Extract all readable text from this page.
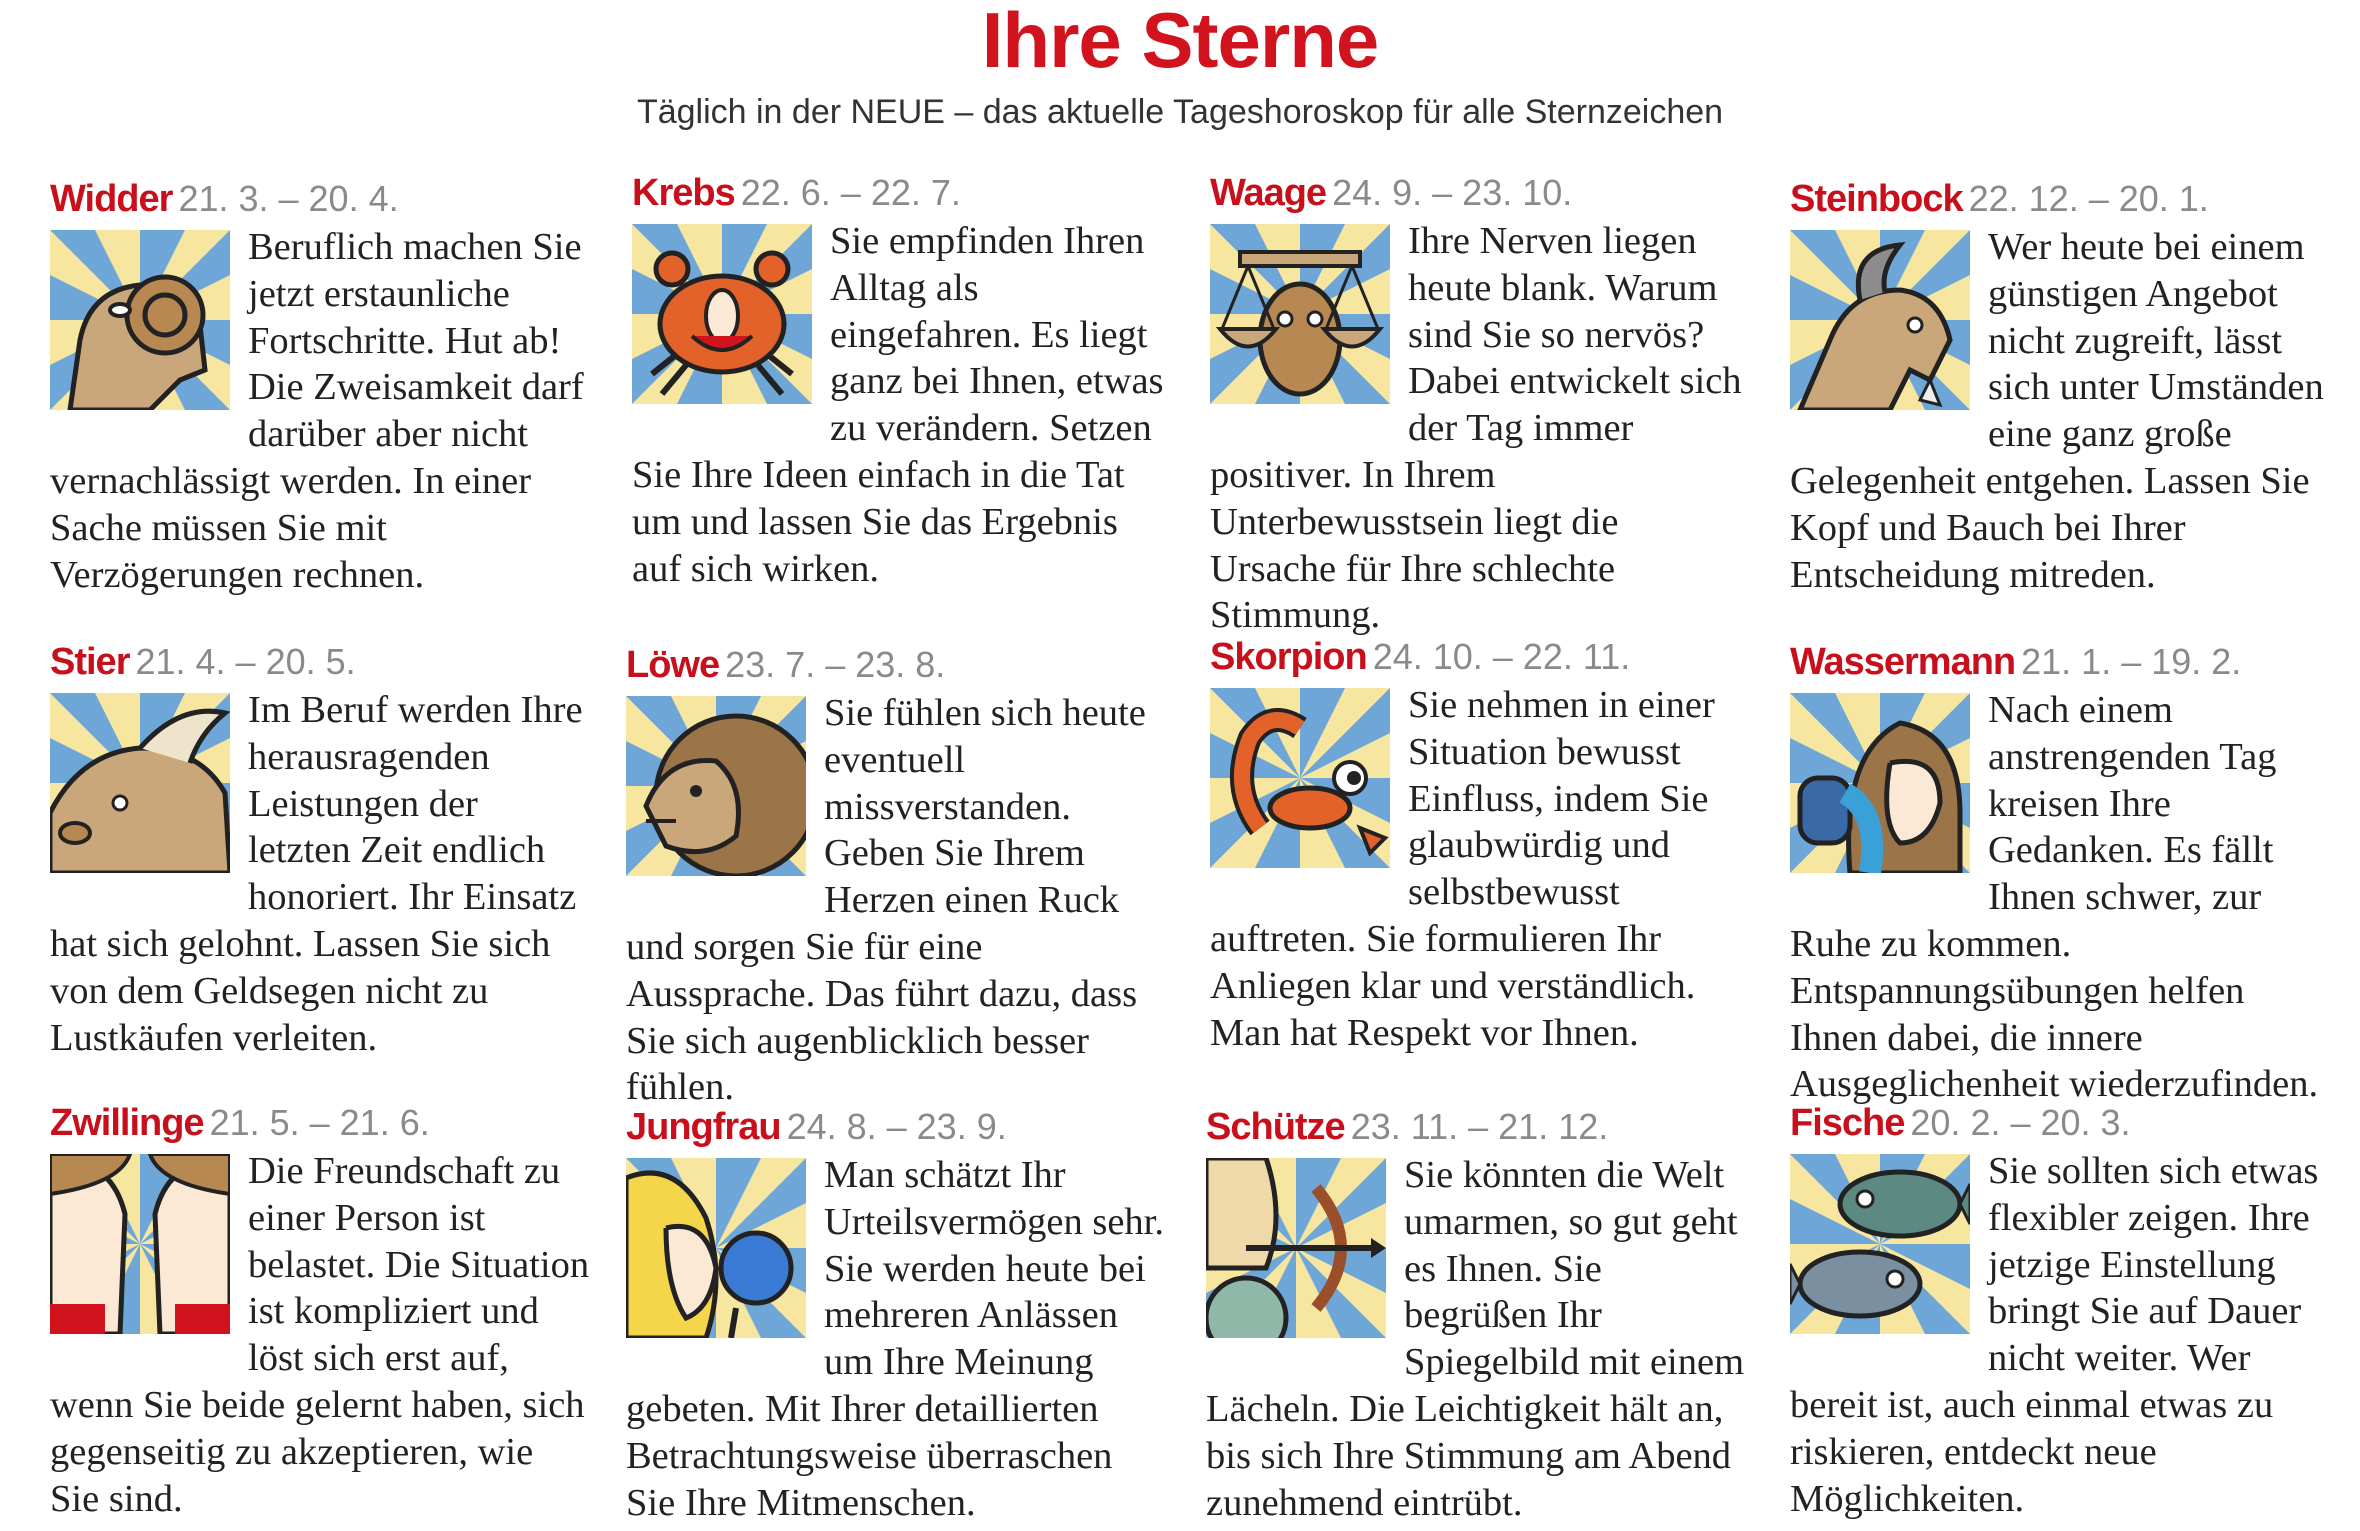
Ihre Sterne
Täglich in der NEUE – das aktuelle Tageshoroskop für alle Sternzeichen
Widder 21. 3. – 20. 4.

Beruflich machen Sie jetzt erstaunliche Fortschritte. Hut ab! Die Zweisamkeit darf darüber aber nicht vernachlässigt werden. In einer Sache müssen Sie mit Verzögerungen rechnen.

Krebs 22. 6. – 22. 7.

Sie empfinden Ihren Alltag als eingefahren. Es liegt ganz bei Ihnen, etwas zu verändern. Setzen Sie Ihre Ideen einfach in die Tat um und lassen Sie das Ergebnis auf sich wirken.

Waage 24. 9. – 23. 10.

Ihre Nerven liegen heute blank. Warum sind Sie so nervös? Dabei entwickelt sich der Tag immer positiver. In Ihrem Unterbewusstsein liegt die Ursache für Ihre schlechte Stimmung.

Steinbock 22. 12. – 20. 1.

Wer heute bei einem günstigen Angebot nicht zugreift, lässt sich unter Umständen eine ganz große Gelegenheit entgehen. Lassen Sie Kopf und Bauch bei Ihrer Entscheidung mitreden.

Stier 21. 4. – 20. 5.

Im Beruf werden Ihre herausragenden Leistungen der letzten Zeit endlich honoriert. Ihr Einsatz hat sich gelohnt. Lassen Sie sich von dem Geldsegen nicht zu Lustkäufen verleiten.

Löwe 23. 7. – 23. 8.

Sie fühlen sich heute eventuell missverstanden. Geben Sie Ihrem Herzen einen Ruck und sorgen Sie für eine Aussprache. Das führt dazu, dass Sie sich augenblicklich besser fühlen.

Skorpion 24. 10. – 22. 11.

Sie nehmen in einer Situation bewusst Einfluss, indem Sie glaubwürdig und selbstbewusst auftreten. Sie formulieren Ihr Anliegen klar und verständlich. Man hat Respekt vor Ihnen.

Wassermann 21. 1. – 19. 2.

Nach einem anstrengenden Tag kreisen Ihre Gedanken. Es fällt Ihnen schwer, zur Ruhe zu kommen. Entspannungsübungen helfen Ihnen dabei, die innere Ausgeglichenheit wiederzufinden.

Zwillinge 21. 5. – 21. 6.

Die Freundschaft zu einer Person ist belastet. Die Situation ist kompliziert und löst sich erst auf, wenn Sie beide gelernt haben, sich gegenseitig zu akzeptieren, wie Sie sind.

Jungfrau 24. 8. – 23. 9.

Man schätzt Ihr Urteilsvermögen sehr. Sie werden heute bei mehreren Anlässen um Ihre Meinung gebeten. Mit Ihrer detaillierten Betrachtungsweise überraschen Sie Ihre Mitmenschen.

Schütze 23. 11. – 21. 12.

Sie könnten die Welt umarmen, so gut geht es Ihnen. Sie begrüßen Ihr Spiegelbild mit einem Lächeln. Die Leichtigkeit hält an, bis sich Ihre Stimmung am Abend zunehmend eintrübt.

Fische 20. 2. – 20. 3.

Sie sollten sich etwas flexibler zeigen. Ihre jetzige Einstellung bringt Sie auf Dauer nicht weiter. Wer bereit ist, auch einmal etwas zu riskieren, entdeckt neue Möglichkeiten.
